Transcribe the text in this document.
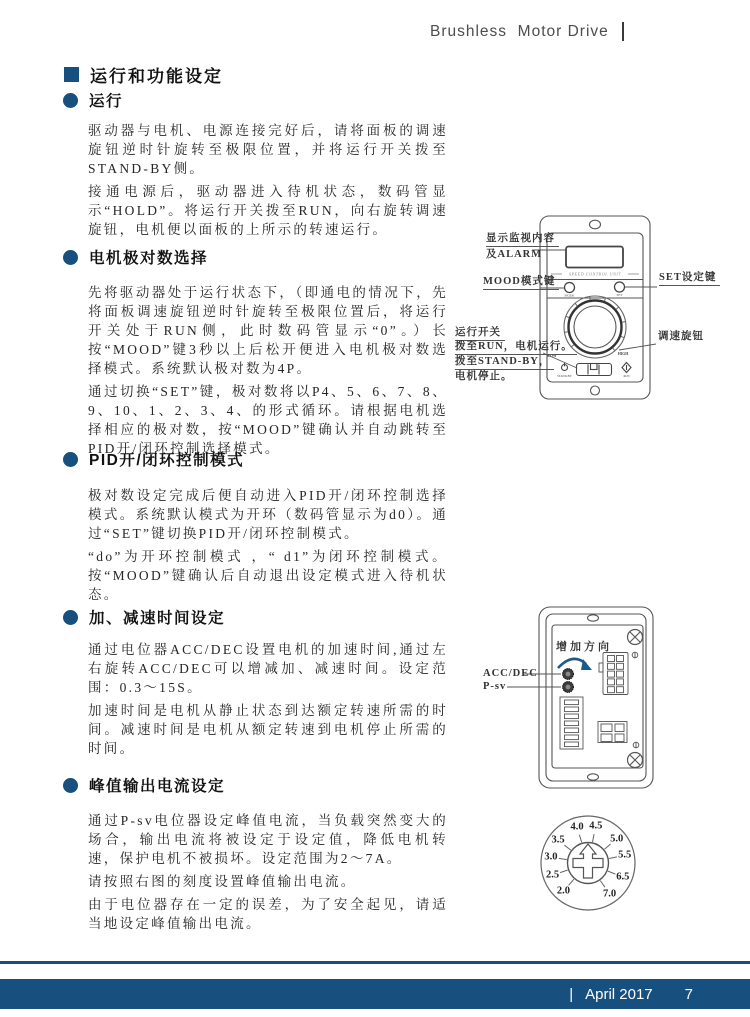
Brushless  Motor Drive
运行和功能设定
运行

驱动器与电机、电源连接完好后，请将面板的调速旋钮逆时针旋转至极限位置，并将运行开关拨至STAND-BY侧。

接通电源后，驱动器进入待机状态，数码管显示“HOLD”。将运行开关拨至RUN，向右旋转调速旋钮，电机便以面板的上所示的转速运行。

电机极对数选择

先将驱动器处于运行状态下，（即通电的情况下，先将面板调速旋钮逆时针旋转至极限位置后，将运行开关处于RUN侧，此时数码管显示“0”。）长按“MOOD”键3秒以上后松开便进入电机极对数选择模式。系统默认极对数为4P。

通过切换“SET”键，极对数将以P4、5、6、7、8、9、10、1、2、3、4、的形式循环。请根据电机选择相应的极对数，按“MOOD”键确认并自动跳转至PID开/闭环控制选择模式。

PID开/闭环控制模式

极对数设定完成后便自动进入PID开/闭环控制选择模式。系统默认模式为开环（数码管显示为d0）。通过“SET”键切换PID开/闭环控制模式。

“do”为开环控制模式 ，“ d1”为闭环控制模式。按“MOOD”键确认后自动退出设定模式进入待机状态。

加、减速时间设定

通过电位器ACC/DEC设置电机的加速时间,通过左右旋转ACC/DEC可以增减加、减速时间。设定范围：0.3～15S。

加速时间是电机从静止状态到达额定转速所需的时间。减速时间是电机从额定转速到电机停止所需的时间。

峰值输出电流设定

通过P-sv电位器设定峰值电流，当负载突然变大的场合，输出电流将被设定于设定值，降低电机转速，保护电机不被损坏。设定范围为2～7A。

请按照右图的刻度设置峰值输出电流。

由于电位器存在一定的误差，为了安全起见，请适当地设定峰值输出电流。

SPEED CONTROL UNIT
MODE	SET
LOW	HIGH
STAND-BY	RUN
显示监视内容
及ALARM
MOOD模式键	SET设定键
调速旋钮
运行开关
拨至RUN，电机运行。
拨至STAND-BY，
电机停止。
增加方向
ACC/DEC
P-sv
2.0
2.5
3.0
3.5
4.0 4.5
5.0
5.5
6.5
7.0
| April 2017 7
